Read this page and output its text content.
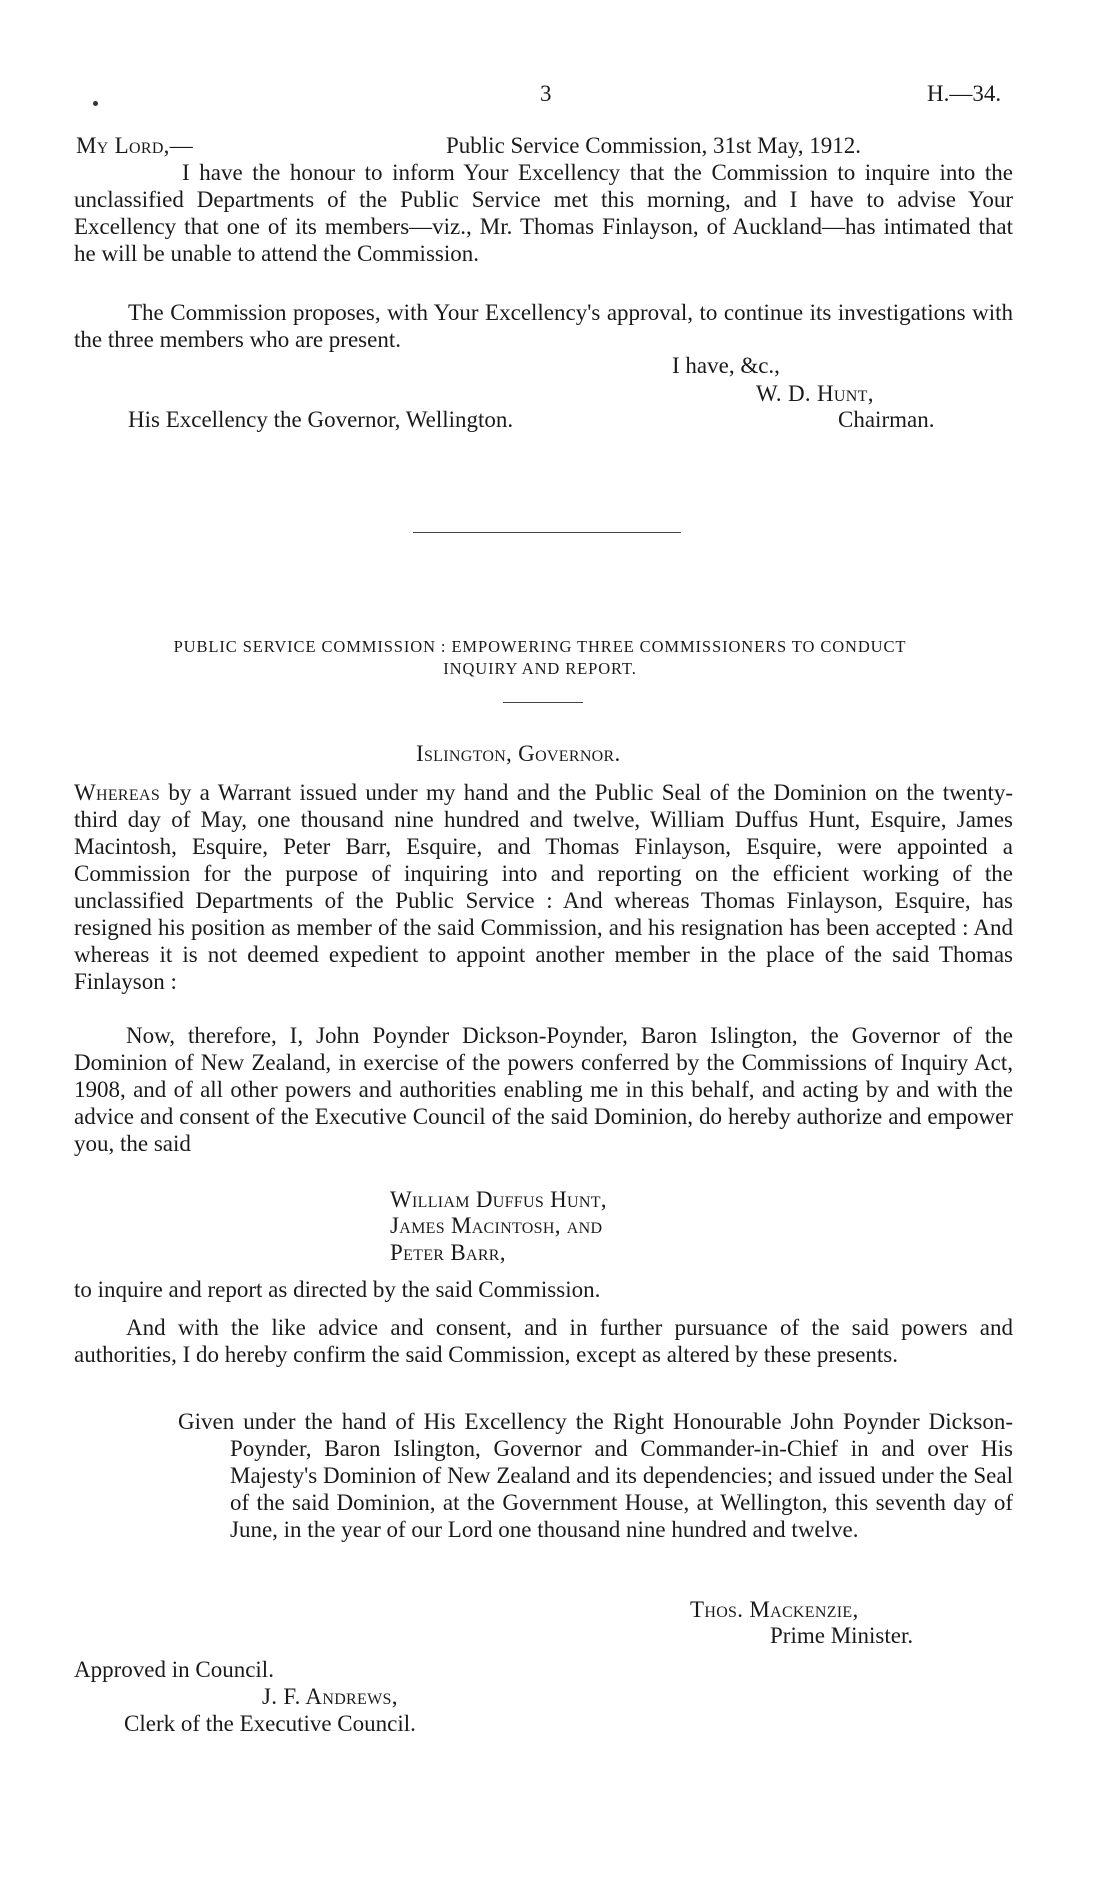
3	H.—34.
My Lord,—	Public Service Commission, 31st May, 1912.

I have the honour to inform Your Excellency that the Commission to inquire into the unclassified Departments of the Public Service met this morning, and I have to advise Your Excellency that one of its members—viz., Mr. Thomas Finlayson, of Auckland—has intimated that he will be unable to attend the Commission.

The Commission proposes, with Your Excellency's approval, to continue its investigations with the three members who are present.

I have, &c.,
W. D. Hunt,
His Excellency the Governor, Wellington.	Chairman.
PUBLIC SERVICE COMMISSION : EMPOWERING THREE COMMISSIONERS TO CONDUCT
INQUIRY AND REPORT.
Islington, Governor.

Whereas by a Warrant issued under my hand and the Public Seal of the Dominion on the twenty-third day of May, one thousand nine hundred and twelve, William Duffus Hunt, Esquire, James Macintosh, Esquire, Peter Barr, Esquire, and Thomas Finlayson, Esquire, were appointed a Commission for the purpose of inquiring into and reporting on the efficient working of the unclassified Departments of the Public Service : And whereas Thomas Finlayson, Esquire, has resigned his position as member of the said Commission, and his resignation has been accepted : And whereas it is not deemed expedient to appoint another member in the place of the said Thomas Finlayson :

Now, therefore, I, John Poynder Dickson-Poynder, Baron Islington, the Governor of the Dominion of New Zealand, in exercise of the powers conferred by the Commissions of Inquiry Act, 1908, and of all other powers and authorities enabling me in this behalf, and acting by and with the advice and consent of the Executive Council of the said Dominion, do hereby authorize and empower you, the said

William Duffus Hunt,
James Macintosh, and
Peter Barr,

to inquire and report as directed by the said Commission.

And with the like advice and consent, and in further pursuance of the said powers and authorities, I do hereby confirm the said Commission, except as altered by these presents.

Given under the hand of His Excellency the Right Honourable John Poynder Dickson-Poynder, Baron Islington, Governor and Commander-in-Chief in and over His Majesty's Dominion of New Zealand and its dependencies; and issued under the Seal of the said Dominion, at the Government House, at Wellington, this seventh day of June, in the year of our Lord one thousand nine hundred and twelve.

Thos. Mackenzie,
Prime Minister.
Approved in Council.
J. F. Andrews,
Clerk of the Executive Council.
